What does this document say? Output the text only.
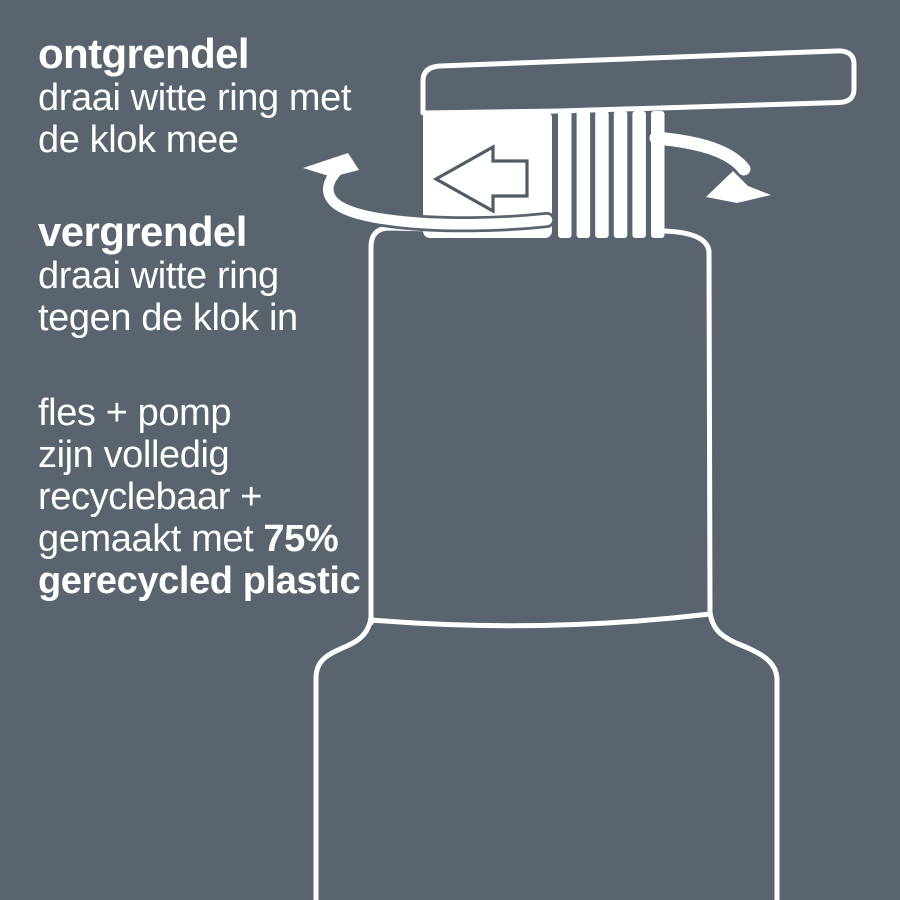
ontgrendel

draai witte ring met

de klok mee

vergrendel

draai witte ring

tegen de klok in

fles + pomp

zijn volledig

recyclebaar +

gemaakt met 75%

gerecycled plastic
